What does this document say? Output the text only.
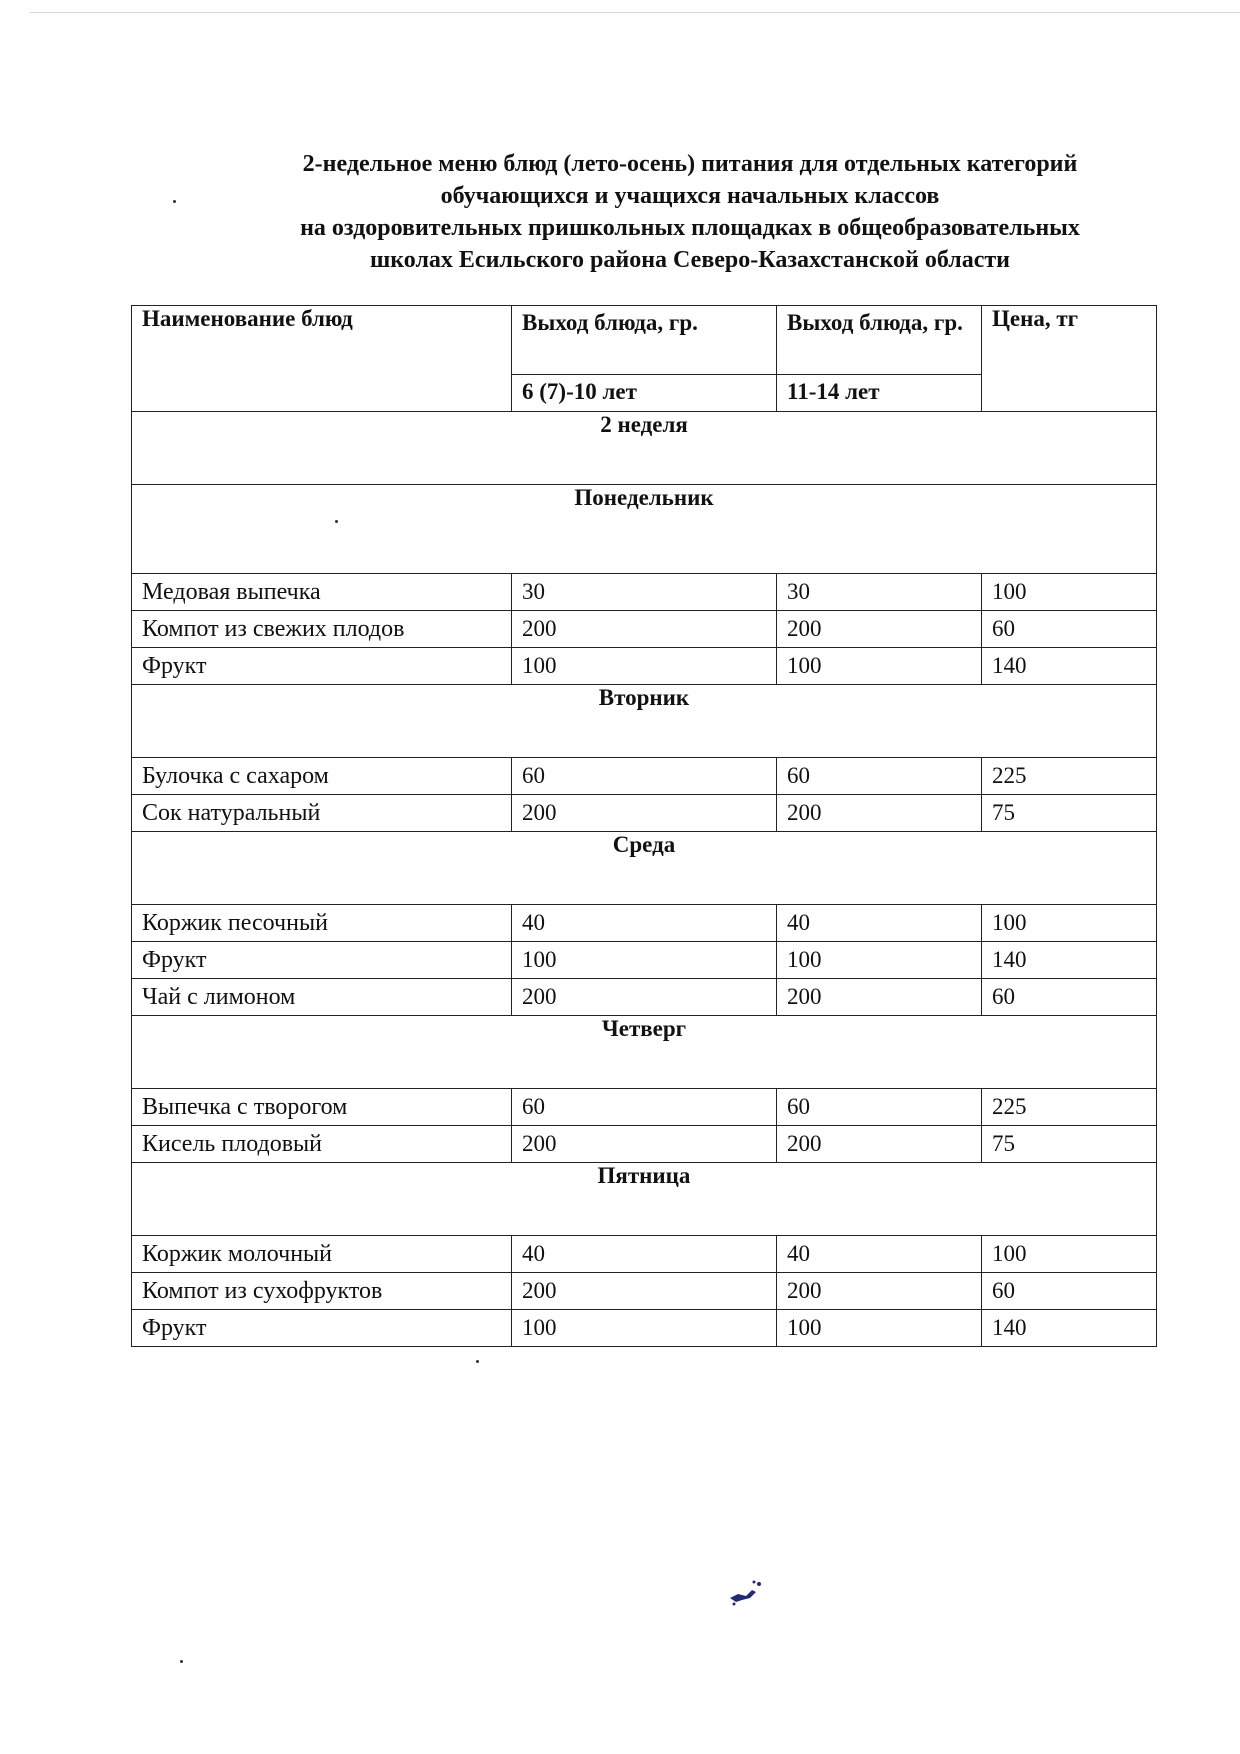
2-недельное меню блюд (лето-осень) питания для отдельных категорий
обучающихся и учащихся начальных классов
на оздоровительных пришкольных площадках в общеобразовательных
школах Есильского района Северо-Казахстанской области
Наименование блюд	Выход блюда, гр.	Выход блюда, гр.	Цена, тг
	6 (7)-10 лет	11-14 лет	
2 неделя			
Понедельник			
Медовая выпечка	30	30	100
Компот из свежих плодов	200	200	60
Фрукт	100	100	140
Вторник			
Булочка с сахаром	60	60	225
Сок натуральный	200	200	75
Среда			
Коржик песочный	40	40	100
Фрукт	100	100	140
Чай с лимоном	200	200	60
Четверг			
Выпечка с творогом	60	60	225
Кисель плодовый	200	200	75
Пятница			
Коржик молочный	40	40	100
Компот из сухофруктов	200	200	60
Фрукт	100	100	140
